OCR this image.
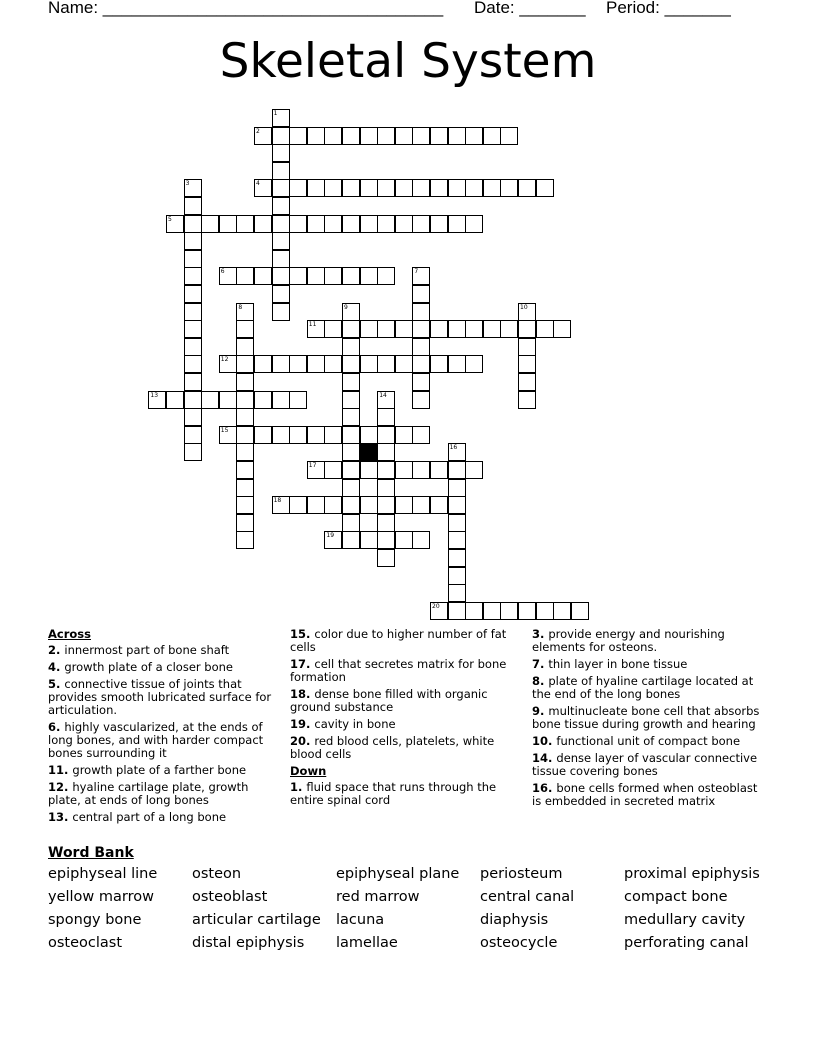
Name: ____________________________________ Date: _______ Period: _______
Skeletal System
2
4
5
6
11
12
13
15
17
18
19
20
1
3
7
8	9	10
14
16
Across
2. innermost part of bone shaft
4. growth plate of a closer bone
5. connective tissue of joints that provides smooth lubricated surface for articulation.
6. highly vascularized, at the ends of long bones, and with harder compact bones surrounding it
11. growth plate of a farther bone
12. hyaline cartilage plate, growth plate, at ends of long bones
13. central part of a long bone
15. color due to higher number of fat cells
17. cell that secretes matrix for bone formation
18. dense bone filled with organic ground substance
19. cavity in bone
20. red blood cells, platelets, white blood cells
Down
1. fluid space that runs through the entire spinal cord
3. provide energy and nourishing elements for osteons.
7. thin layer in bone tissue
8. plate of hyaline cartilage located at the end of the long bones
9. multinucleate bone cell that absorbs bone tissue during growth and hearing
10. functional unit of compact bone
14. dense layer of vascular connective tissue covering bones
16. bone cells formed when osteoblast is embedded in secreted matrix
Word Bank
epiphyseal line	osteon	epiphyseal plane	periosteum	proximal epiphysis
yellow marrow	osteoblast	red marrow	central canal	compact bone
spongy bone	articular cartilage	lacuna	diaphysis	medullary cavity
osteoclast	distal epiphysis	lamellae	osteocycle	perforating canal
